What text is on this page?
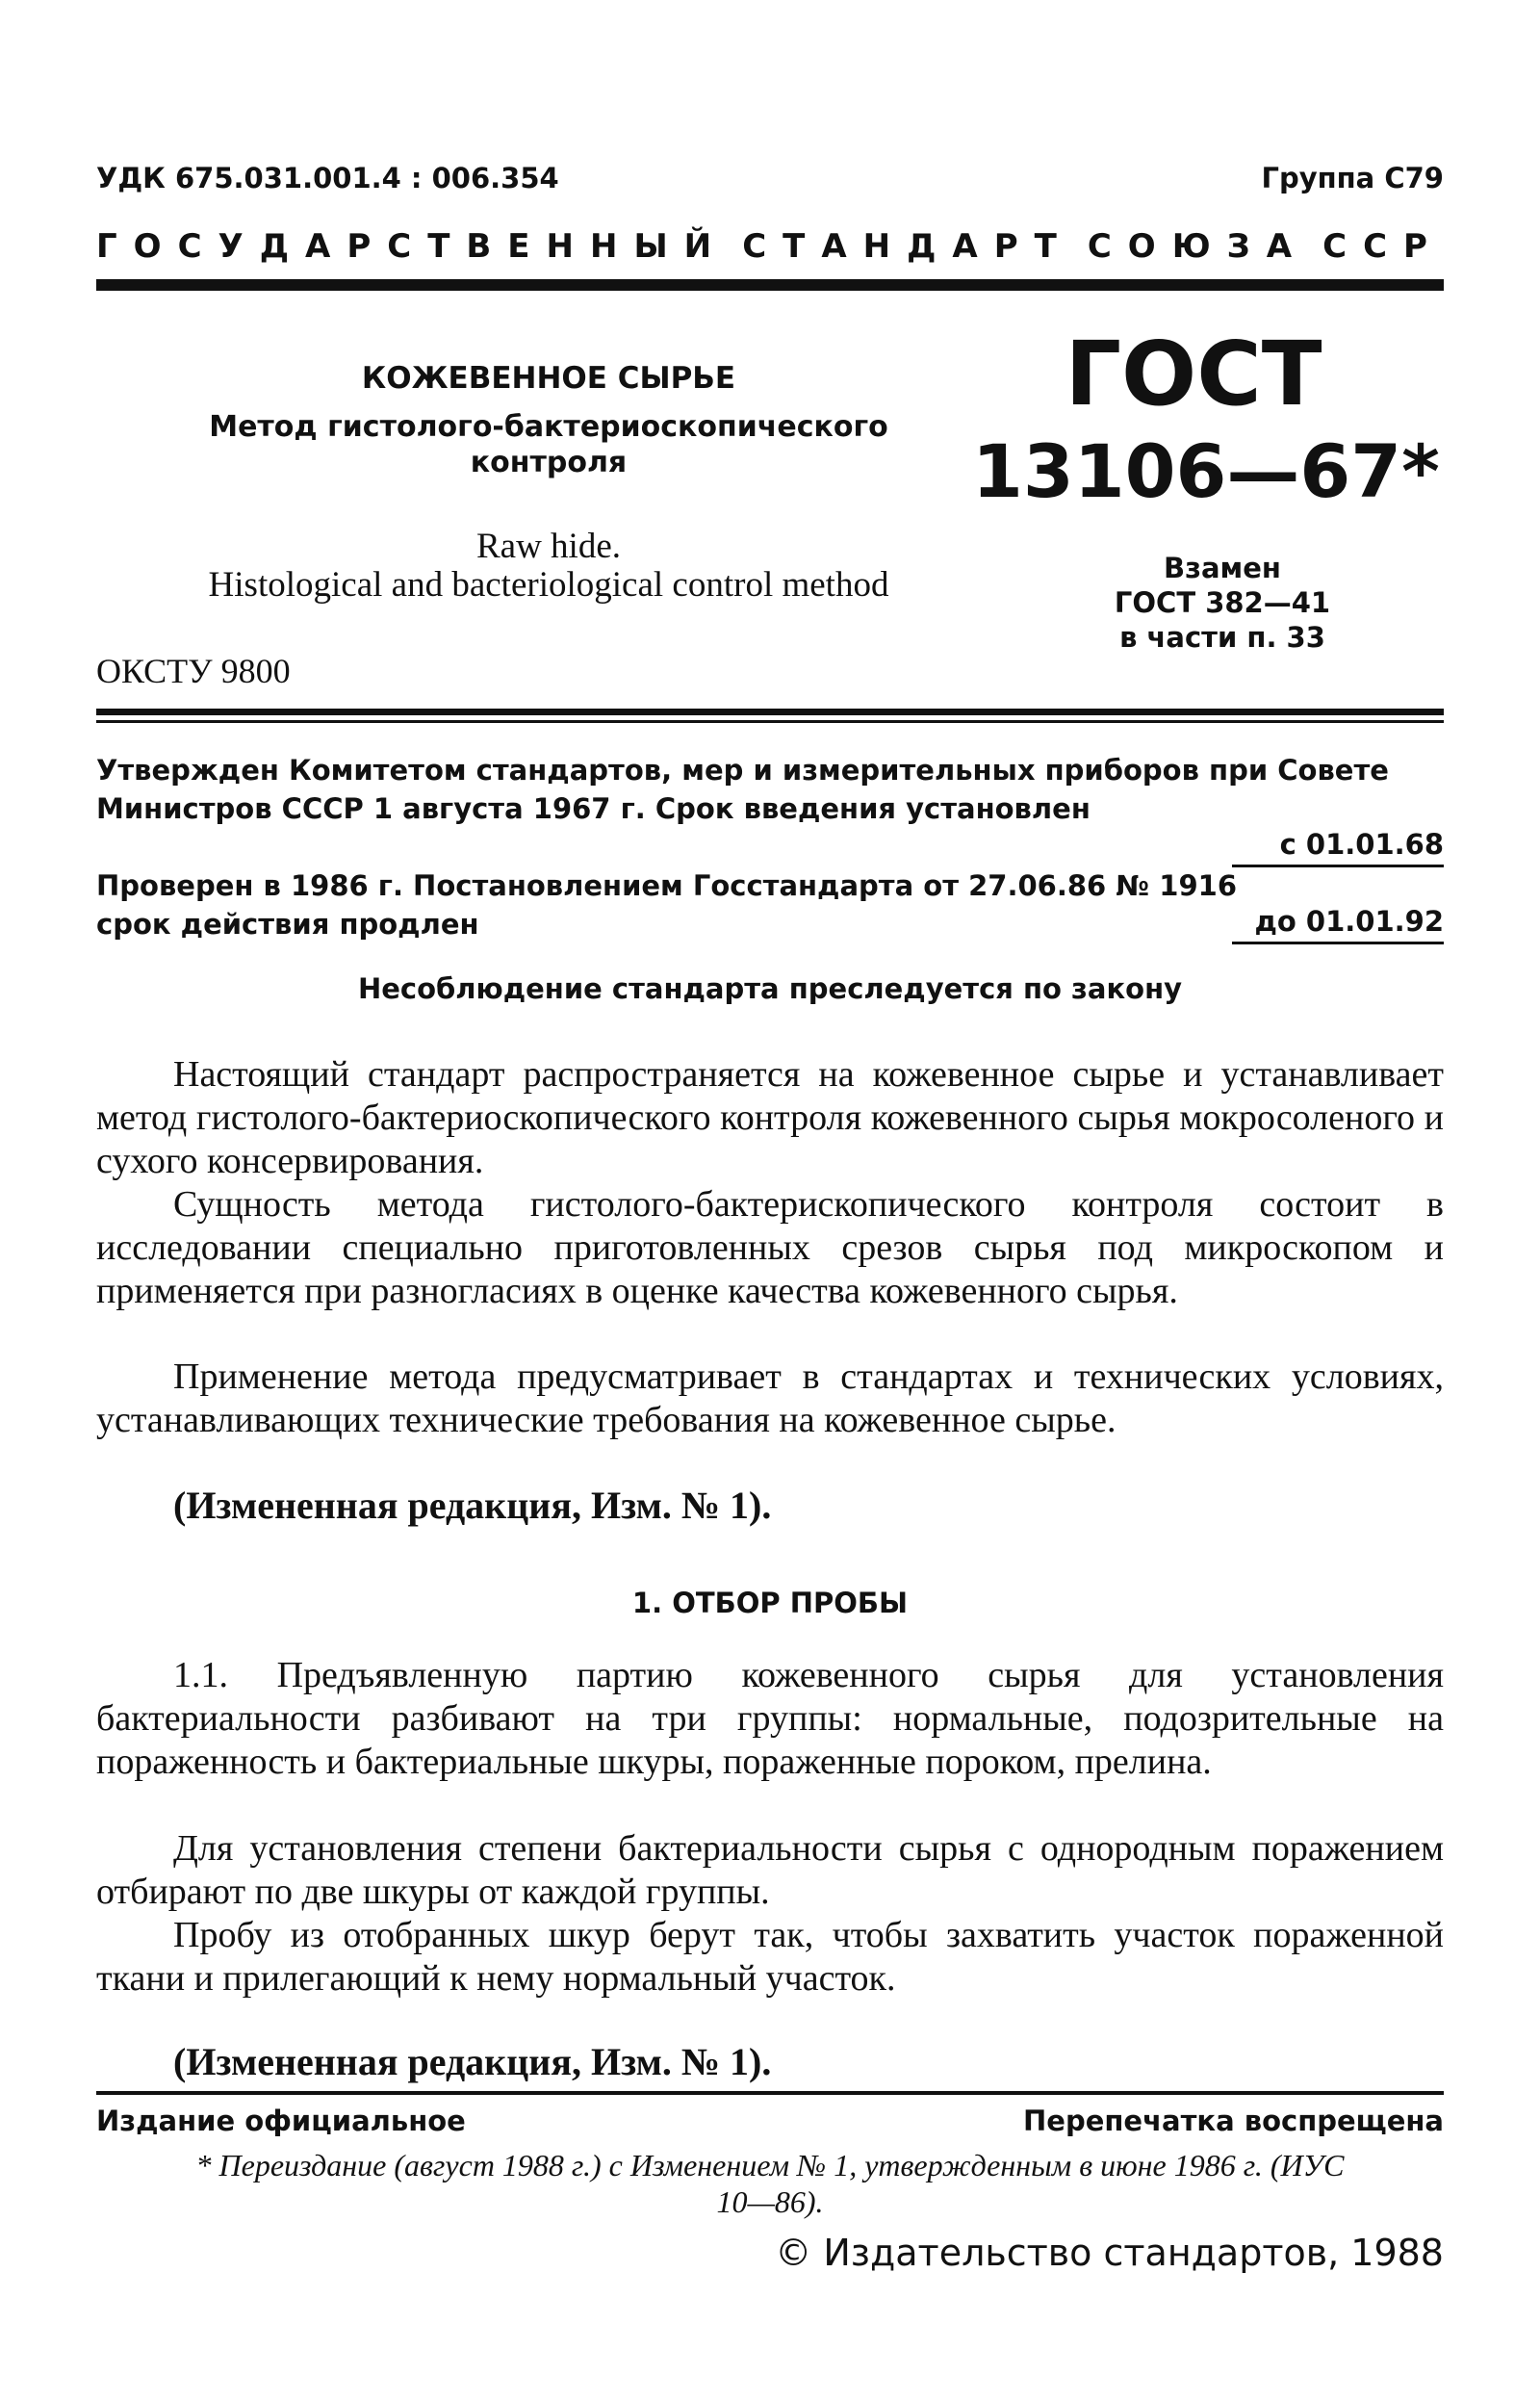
УДК 675.031.001.4 : 006.354	Группа С79
ГОСУДАРСТВЕННЫЙ СТАНДАРТ СОЮЗА ССР
КОЖЕВЕННОЕ СЫРЬЕ
Метод гистолого-бактериоскопического контроля
Raw hide.
Histological and bacteriological control method
ОКСТУ 9800
ГОСТ
13106—67*
Взамен
ГОСТ 382—41
в части п. 33
Утвержден Комитетом стандартов, мер и измерительных приборов при Совете Министров СССР 1 августа 1967 г. Срок введения установлен
с 01.01.68
Проверен в 1986 г. Постановлением Госстандарта от 27.06.86 № 1916 срок действия продлен	до 01.01.92
Несоблюдение стандарта преследуется по закону
Настоящий стандарт распространяется на кожевенное сырье и устанавливает метод гистолого-бактериоскопического контроля кожевенного сырья мокросоленого и сухого консервирования.
Сущность метода гистолого-бактерископического контроля состоит в исследовании специально приготовленных срезов сырья под микроскопом и применяется при разногласиях в оценке качества кожевенного сырья.
Применение метода предусматривает в стандартах и технических условиях, устанавливающих технические требования на кожевенное сырье.
(Измененная редакция, Изм. № 1).
1. ОТБОР ПРОБЫ
1.1. Предъявленную партию кожевенного сырья для установления бактериальности разбивают на три группы: нормальные, подозрительные на пораженность и бактериальные шкуры, пораженные пороком, прелина.
Для установления степени бактериальности сырья с однородным поражением отбирают по две шкуры от каждой группы.
Пробу из отобранных шкур берут так, чтобы захватить участок пораженной ткани и прилегающий к нему нормальный участок.
(Измененная редакция, Изм. № 1).
Издание официальное	Перепечатка воспрещена
* Переиздание (август 1988 г.) с Изменением № 1, утвержденным в июне 1986 г. (ИУС 10—86).
© Издательство стандартов, 1988
